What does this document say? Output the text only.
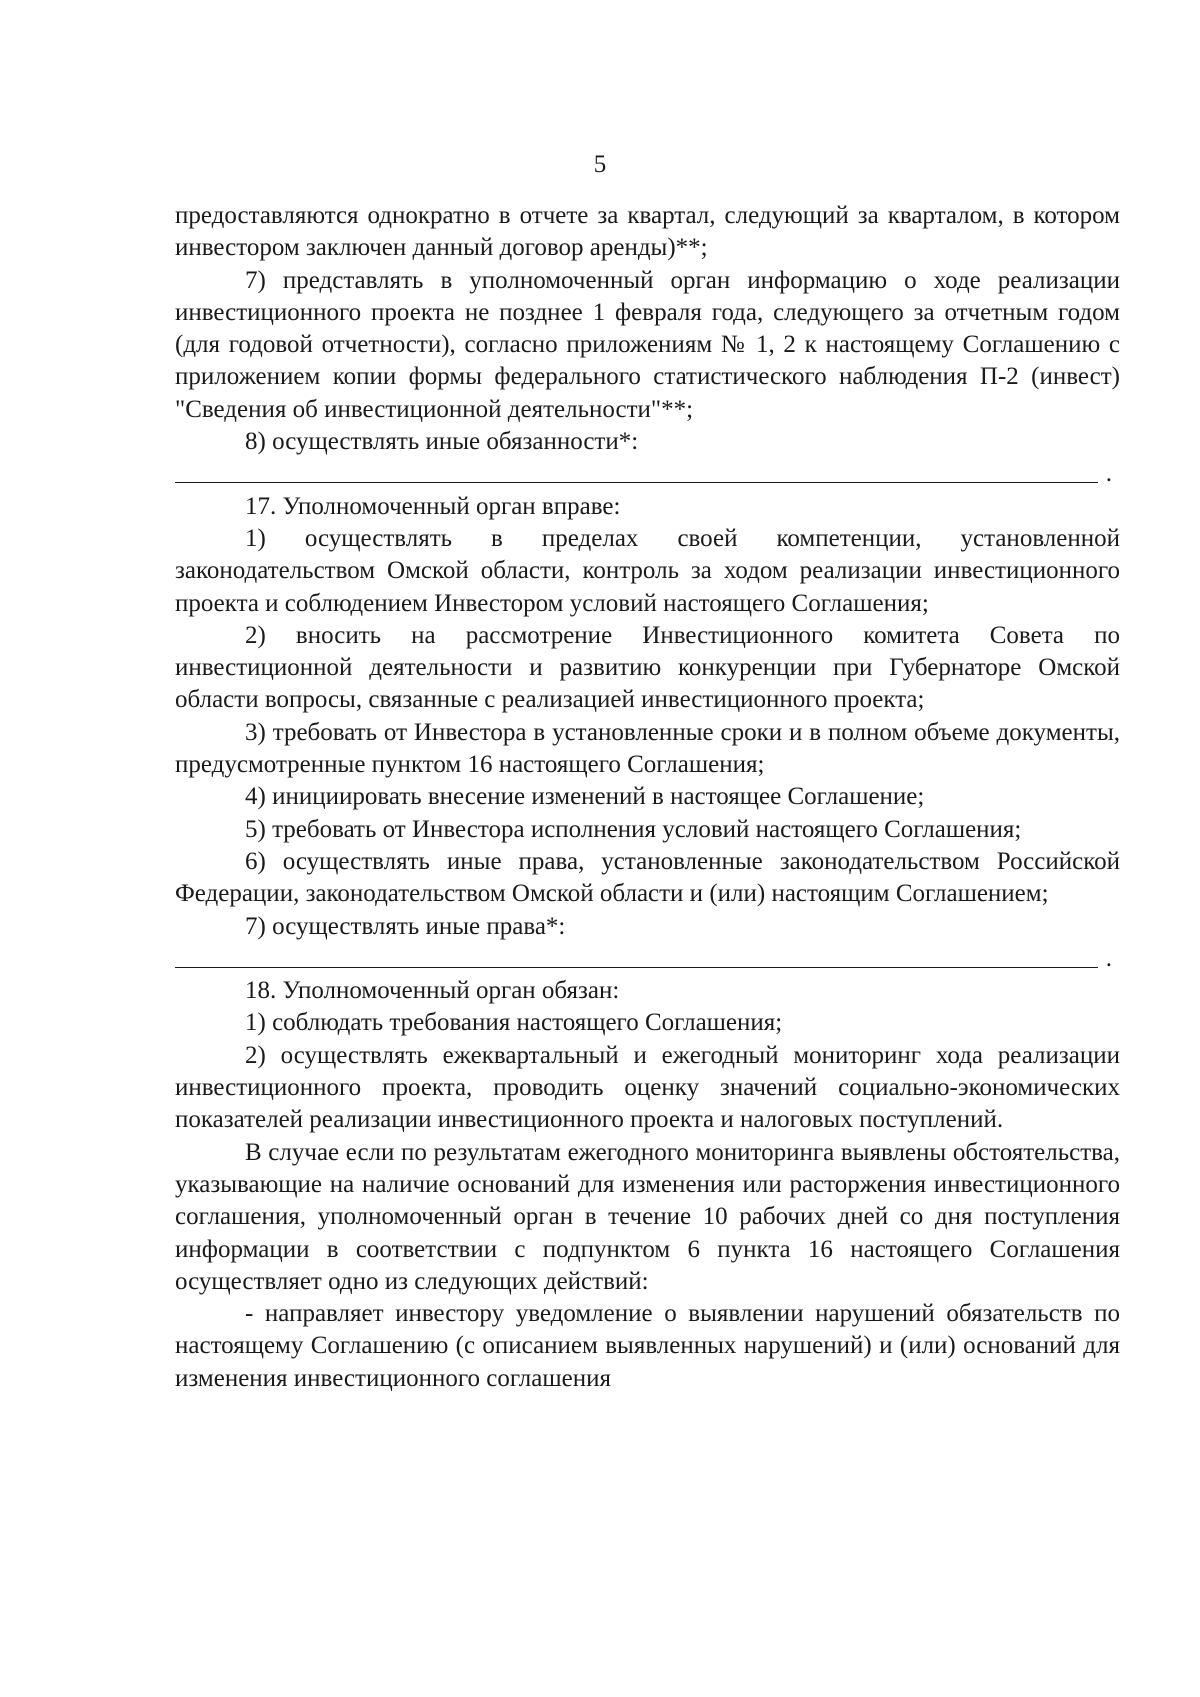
5

предоставляются однократно в отчете за квартал, следующий за кварталом, в котором инвестором заключен данный договор аренды)**;

7) представлять в уполномоченный орган информацию о ходе реализации инвестиционного проекта не позднее 1 февраля года, следующего за отчетным годом (для годовой отчетности), согласно приложениям № 1, 2 к настоящему Соглашению с приложением копии формы федерального статистического наблюдения П-2 (инвест) "Сведения об инвестиционной деятельности"**;

8) осуществлять иные обязанности*:

.

17. Уполномоченный орган вправе:

1) осуществлять в пределах своей компетенции, установленной законодательством Омской области, контроль за ходом реализации инвестиционного проекта и соблюдением Инвестором условий настоящего Соглашения;

2) вносить на рассмотрение Инвестиционного комитета Совета по инвестиционной деятельности и развитию конкуренции при Губернаторе Омской области вопросы, связанные с реализацией инвестиционного проекта;

3) требовать от Инвестора в установленные сроки и в полном объеме документы, предусмотренные пунктом 16 настоящего Соглашения;

4) инициировать внесение изменений в настоящее Соглашение;

5) требовать от Инвестора исполнения условий настоящего Соглашения;

6) осуществлять иные права, установленные законодательством Российской Федерации, законодательством Омской области и (или) настоящим Соглашением;

7) осуществлять иные права*:

.

18. Уполномоченный орган обязан:

1) соблюдать требования настоящего Соглашения;

2) осуществлять ежеквартальный и ежегодный мониторинг хода реализации инвестиционного проекта, проводить оценку значений социально-экономических показателей реализации инвестиционного проекта и налоговых поступлений.

В случае если по результатам ежегодного мониторинга выявлены обстоятельства, указывающие на наличие оснований для изменения или расторжения инвестиционного соглашения, уполномоченный орган в течение 10 рабочих дней со дня поступления информации в соответствии с подпунктом 6 пункта 16 настоящего Соглашения осуществляет одно из следующих действий:

- направляет инвестору уведомление о выявлении нарушений обязательств по настоящему Соглашению (с описанием выявленных нарушений) и (или) оснований для изменения инвестиционного соглашения
